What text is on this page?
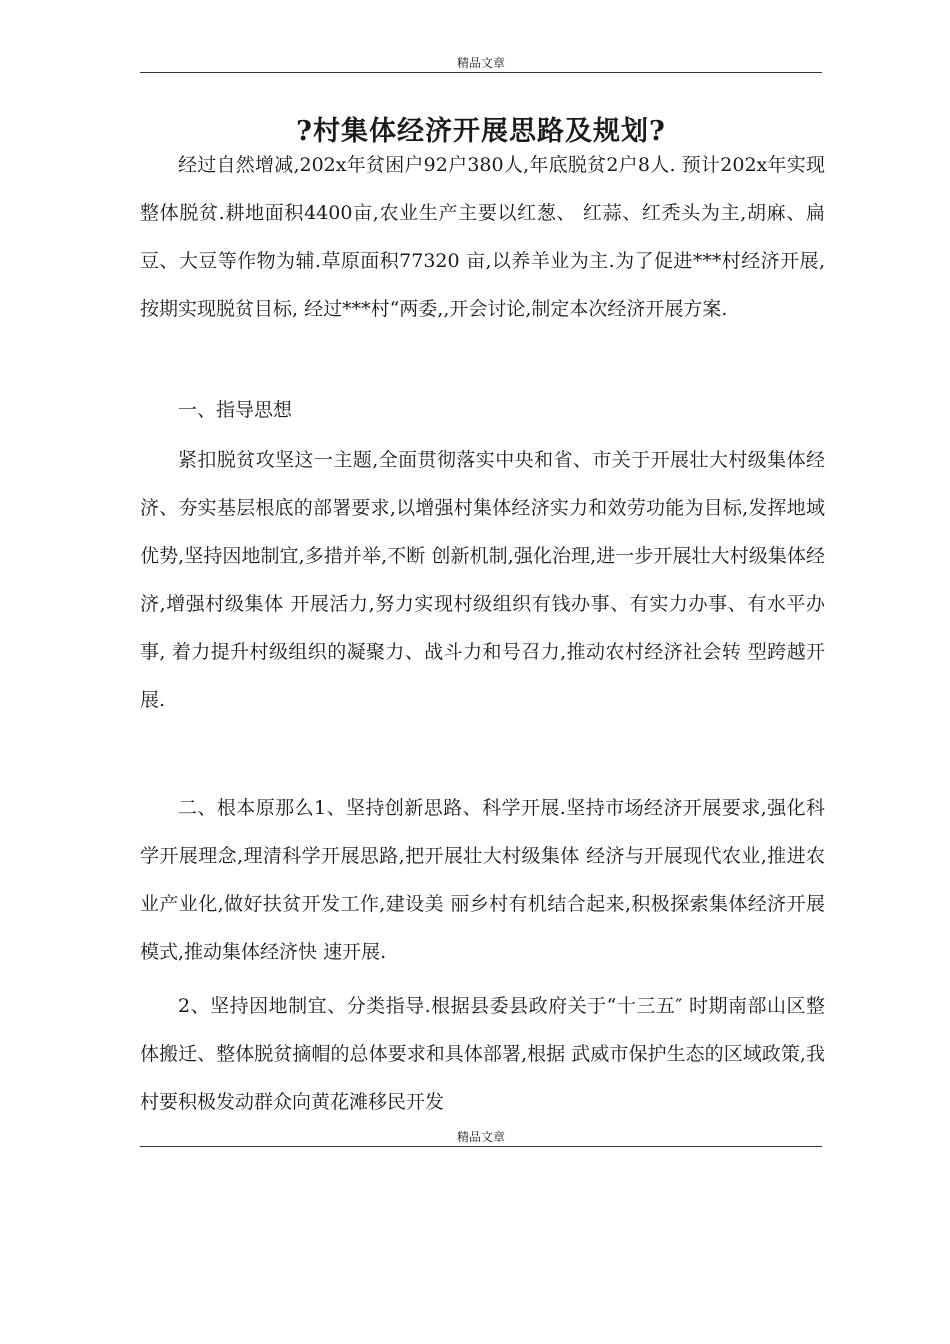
精品文章
?村集体经济开展思路及规划?

经过自然增减,202x年贫困户92户380人,年底脱贫2户8人. 预计202x年实现整体脱贫.耕地面积4400亩,农业生产主要以红葱、 红蒜、红秃头为主,胡麻、扁豆、大豆等作物为辅.草原面积77320 亩,以养羊业为主.为了促进***村经济开展,按期实现脱贫目标, 经过***村“两委,,开会讨论,制定本次经济开展方案.

一、指导思想

紧扣脱贫攻坚这一主题,全面贯彻落实中央和省、市关于开展壮大村级集体经济、夯实基层根底的部署要求,以增强村集体经济实力和效劳功能为目标,发挥地域优势,坚持因地制宜,多措并举,不断 创新机制,强化治理,进一步开展壮大村级集体经济,增强村级集体 开展活力,努力实现村级组织有钱办事、有实力办事、有水平办事, 着力提升村级组织的凝聚力、战斗力和号召力,推动农村经济社会转 型跨越开展.

二、根本原那么1、坚持创新思路、科学开展.坚持市场经济开展要求,强化科学开展理念,理清科学开展思路,把开展壮大村级集体 经济与开展现代农业,推进农业产业化,做好扶贫开发工作,建设美 丽乡村有机结合起来,积极探索集体经济开展模式,推动集体经济快 速开展.

2、坚持因地制宜、分类指导.根据县委县政府关于“十三五″ 时期南部山区整体搬迁、整体脱贫摘帽的总体要求和具体部署,根据 武威市保护生态的区域政策,我村要积极发动群众向黄花滩移民开发

精品文章
